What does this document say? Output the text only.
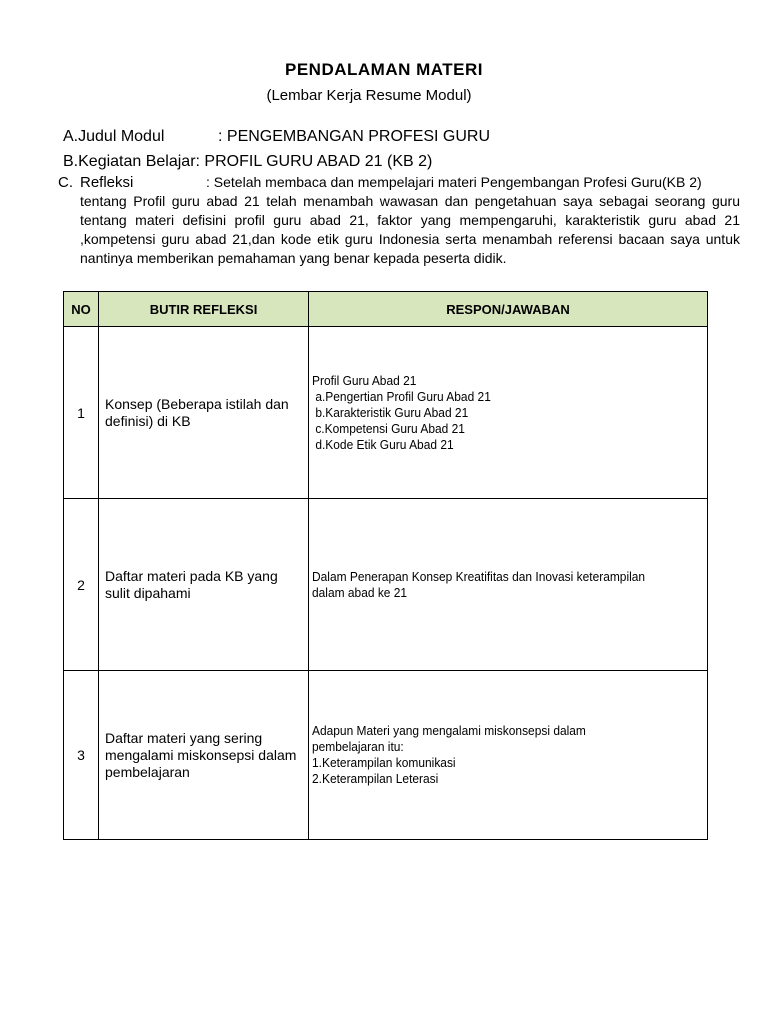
PENDALAMAN MATERI
(Lembar Kerja Resume Modul)
A.Judul Modul	: PENGEMBANGAN PROFESI GURU
B.Kegiatan Belajar: PROFIL GURU ABAD 21 (KB 2)
C. Refleksi	: Setelah membaca dan mempelajari materi Pengembangan Profesi Guru(KB 2)
tentang Profil guru abad 21 telah menambah wawasan dan pengetahuan saya sebagai seorang guru tentang materi defisini profil guru abad 21, faktor yang mempengaruhi, karakteristik guru abad 21 ,kompetensi guru abad 21,dan kode etik guru Indonesia serta menambah referensi bacaan saya untuk nantinya memberikan pemahaman yang benar kepada peserta didik.
NO	BUTIR REFLEKSI	RESPON/JAWABAN
1	Konsep (Beberapa istilah dan definisi) di KB	Profil Guru Abad 21
a.Pengertian Profil Guru Abad 21
b.Karakteristik Guru Abad 21
c.Kompetensi Guru Abad 21
d.Kode Etik Guru Abad 21

2	Daftar materi pada KB yang sulit dipahami	Dalam Penerapan Konsep Kreatifitas dan Inovasi keterampilan
dalam abad ke 21

3	Daftar materi yang sering mengalami miskonsepsi dalam pembelajaran	Adapun Materi yang mengalami miskonsepsi dalam
pembelajaran itu:
1.Keterampilan komunikasi
2.Keterampilan Leterasi
